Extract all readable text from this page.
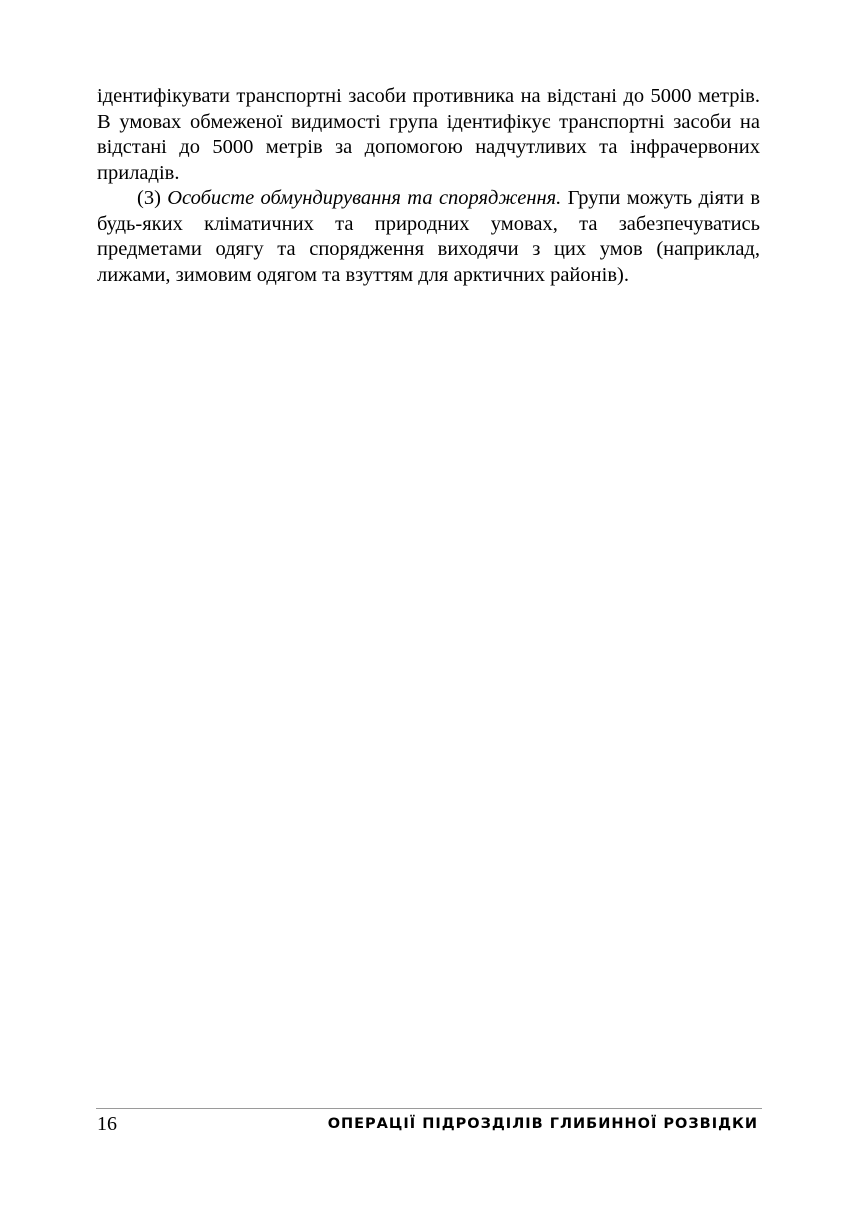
ідентифікувати транспортні засоби противника на відстані до 5000 метрів. В умовах обмеженої видимості група ідентифікує транспортні засоби на відстані до 5000 метрів за допомогою надчутливих та інфрачервоних приладів.

(3) Особисте обмундирування та спорядження. Групи можуть діяти в будь-яких кліматичних та природних умовах, та забезпечуватись предметами одягу та спорядження виходячи з цих умов (наприклад, лижами, зимовим одягом та взуттям для арктичних районів).

16	ОПЕРАЦІЇ ПІДРОЗДІЛІВ ГЛИБИННОЇ РОЗВІДКИ
